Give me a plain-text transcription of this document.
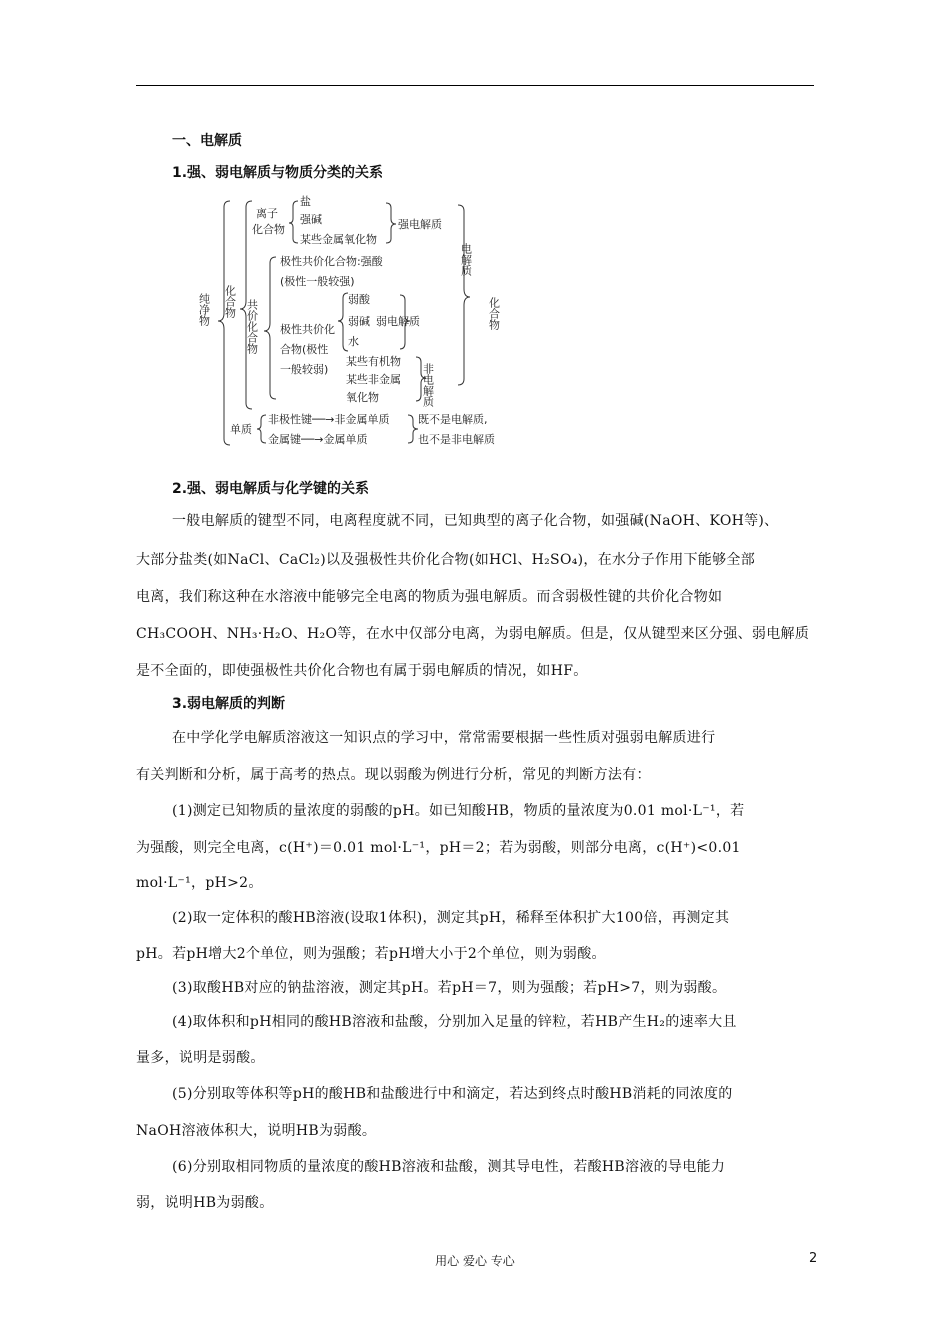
一、电解质
1.强、弱电解质与物质分类的关系
纯净物 化合物
离子
化合物
盐
强碱
某些金属氧化物
强电解质
极性共价化合物:强酸
(极性一般较强)
共价化合物 极性共价化
合物(极性
一般较弱)
弱酸
弱碱
水
弱电解质
某些有机物
某些非金属
氧化物	非电解质
电解质
化合物
单质
非极性键──→非金属单质
金属键──→金属单质
既不是电解质,
也不是非电解质
2.强、弱电解质与化学键的关系
一般电解质的键型不同，电离程度就不同，已知典型的离子化合物，如强碱(NaOH、KOH等)、
大部分盐类(如NaCl、CaCl₂)以及强极性共价化合物(如HCl、H₂SO₄)，在水分子作用下能够全部
电离，我们称这种在水溶液中能够完全电离的物质为强电解质。而含弱极性键的共价化合物如
CH₃COOH、NH₃·H₂O、H₂O等，在水中仅部分电离，为弱电解质。但是，仅从键型来区分强、弱电解质
是不全面的，即使强极性共价化合物也有属于弱电解质的情况，如HF。
3.弱电解质的判断
在中学化学电解质溶液这一知识点的学习中，常常需要根据一些性质对强弱电解质进行
有关判断和分析，属于高考的热点。现以弱酸为例进行分析，常见的判断方法有：
(1)测定已知物质的量浓度的弱酸的pH。如已知酸HB，物质的量浓度为0.01 mol·L⁻¹，若
为强酸，则完全电离，c(H⁺)＝0.01 mol·L⁻¹，pH＝2；若为弱酸，则部分电离，c(H⁺)<0.01
mol·L⁻¹，pH>2。
(2)取一定体积的酸HB溶液(设取1体积)，测定其pH，稀释至体积扩大100倍，再测定其
pH。若pH增大2个单位，则为强酸；若pH增大小于2个单位，则为弱酸。
(3)取酸HB对应的钠盐溶液，测定其pH。若pH＝7，则为强酸；若pH>7，则为弱酸。
(4)取体积和pH相同的酸HB溶液和盐酸，分别加入足量的锌粒，若HB产生H₂的速率大且
量多，说明是弱酸。
(5)分别取等体积等pH的酸HB和盐酸进行中和滴定，若达到终点时酸HB消耗的同浓度的
NaOH溶液体积大，说明HB为弱酸。
(6)分别取相同物质的量浓度的酸HB溶液和盐酸，测其导电性，若酸HB溶液的导电能力
弱，说明HB为弱酸。
用心 爱心 专心	2
